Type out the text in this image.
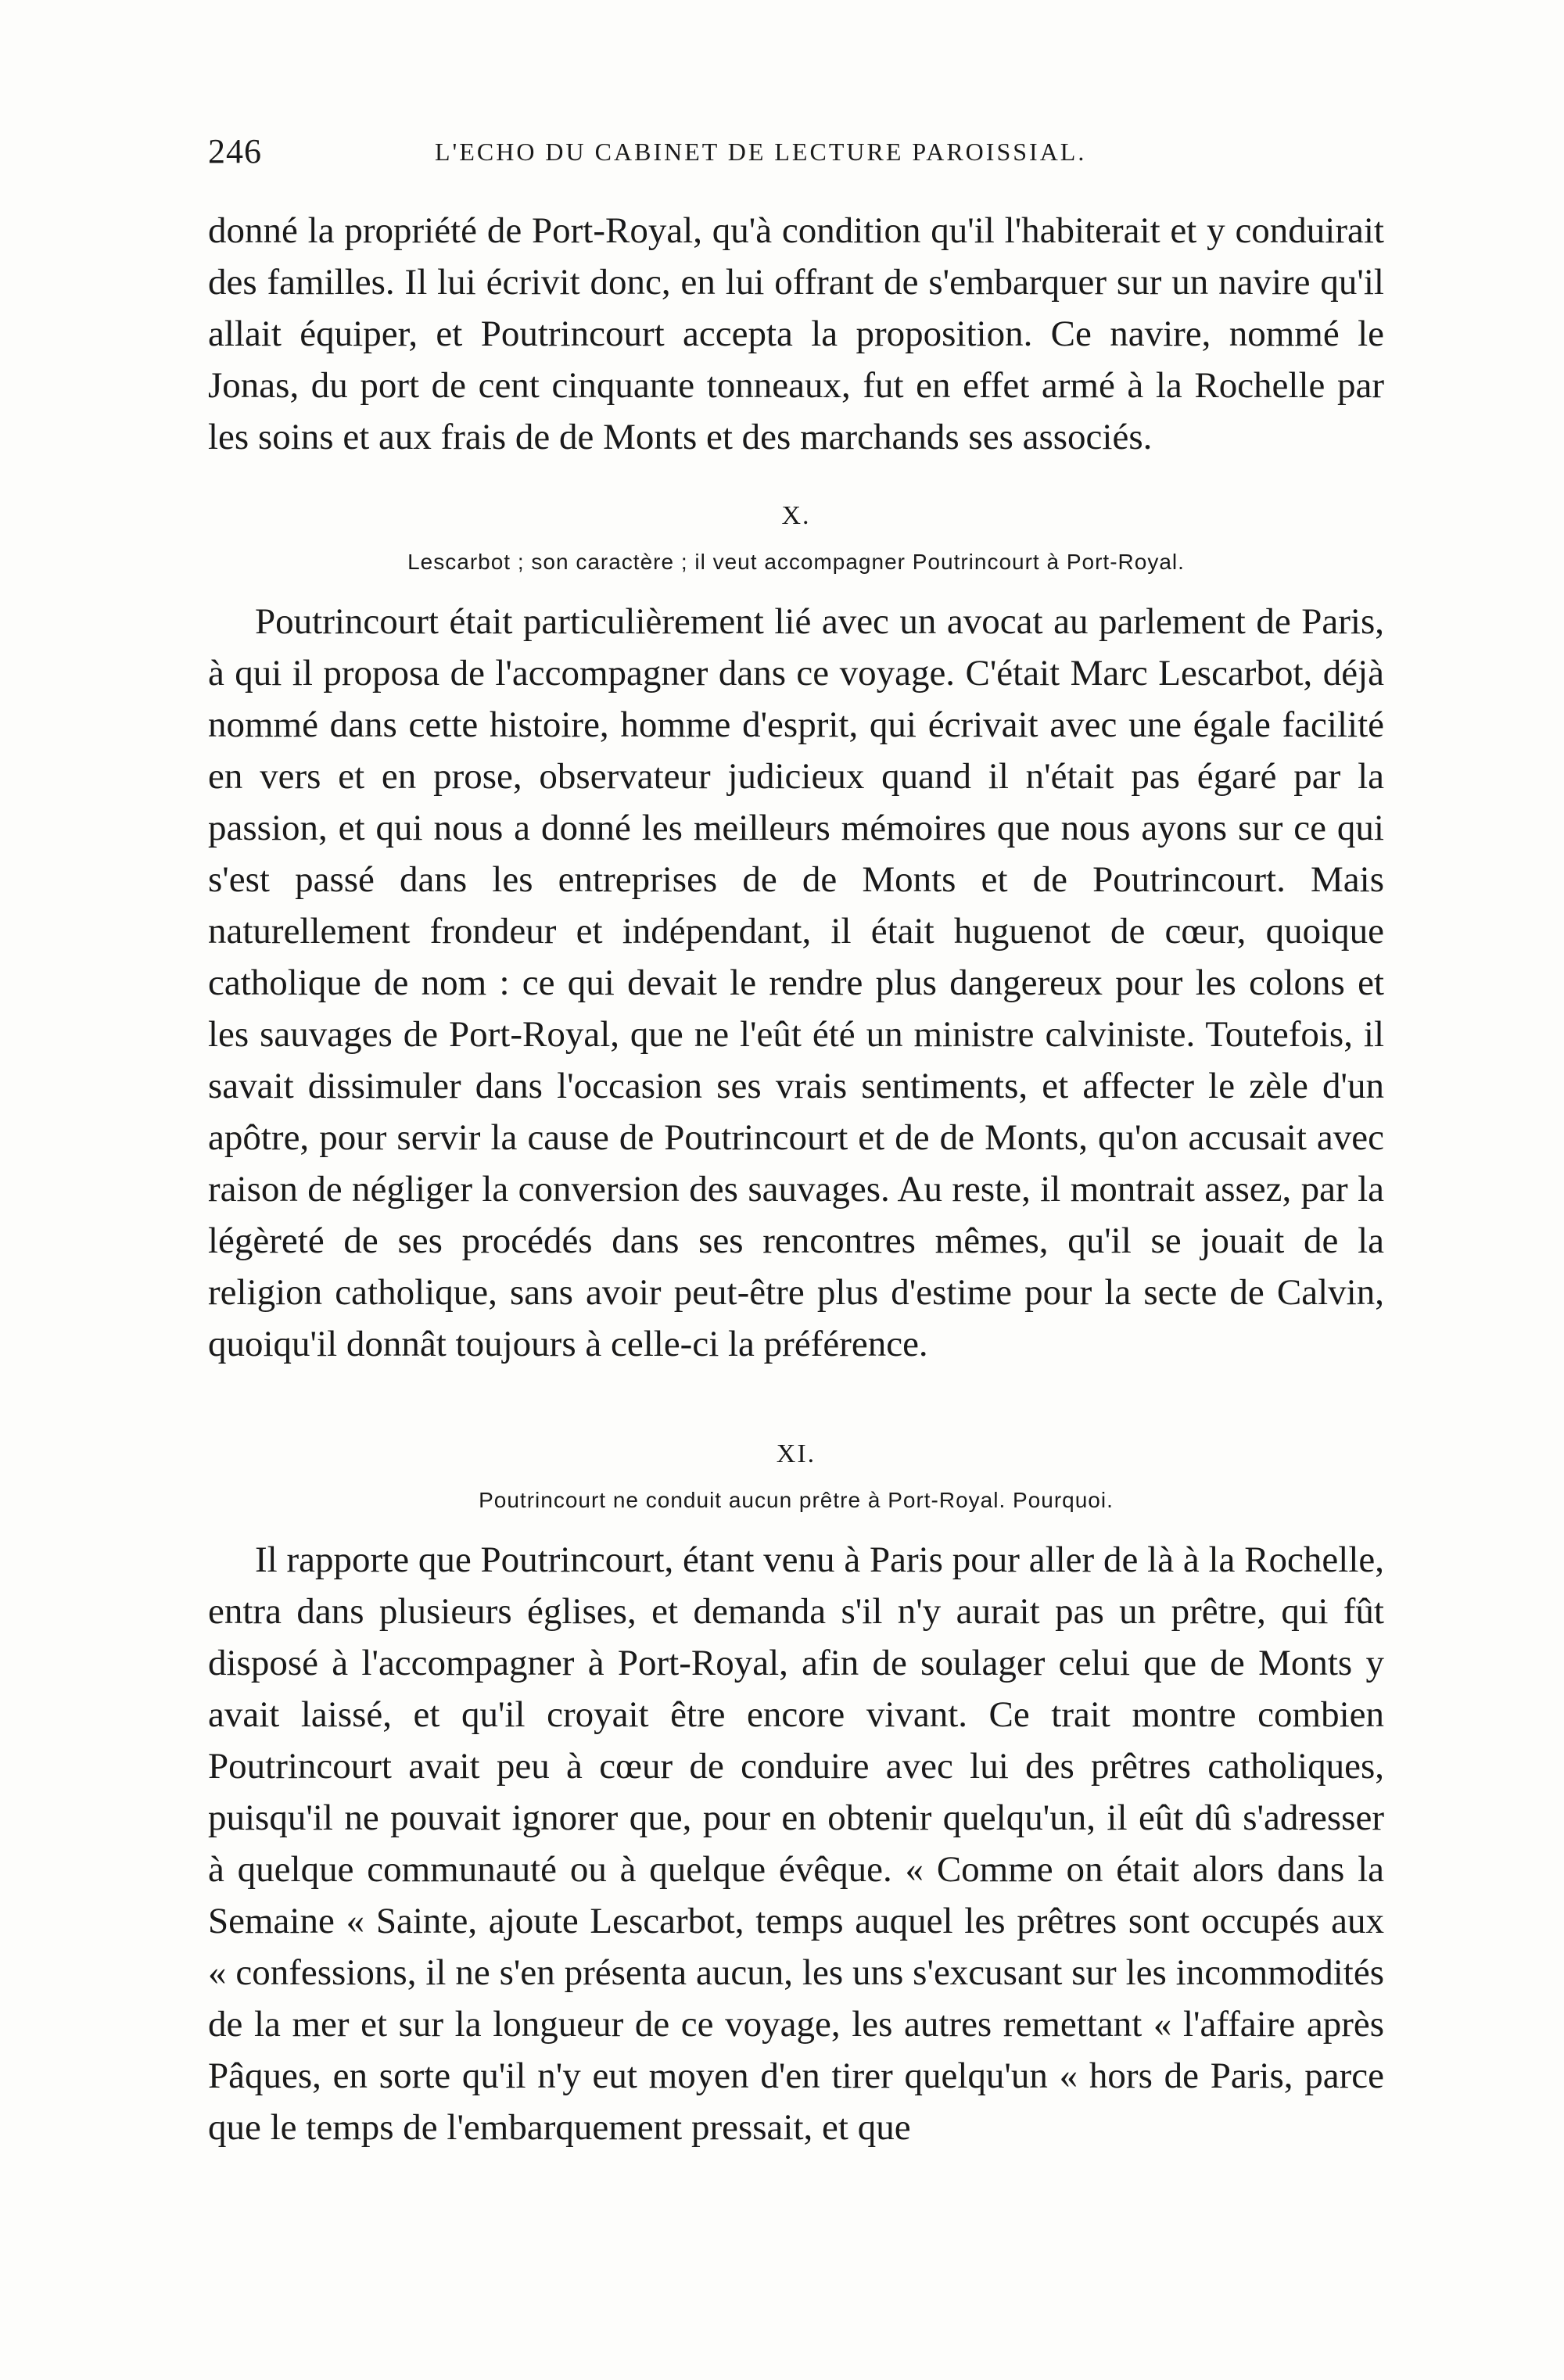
246	L'ECHO DU CABINET DE LECTURE PAROISSIAL.

donné la propriété de Port-Royal, qu'à condition qu'il l'habiterait et y conduirait des familles. Il lui écrivit donc, en lui offrant de s'embarquer sur un navire qu'il allait équiper, et Poutrincourt accepta la proposition. Ce navire, nommé le Jonas, du port de cent cinquante tonneaux, fut en effet armé à la Rochelle par les soins et aux frais de de Monts et des marchands ses associés.

X.
Lescarbot ; son caractère ; il veut accompagner Poutrincourt à Port-Royal.

Poutrincourt était particulièrement lié avec un avocat au parlement de Paris, à qui il proposa de l'accompagner dans ce voyage. C'était Marc Lescarbot, déjà nommé dans cette histoire, homme d'esprit, qui écrivait avec une égale facilité en vers et en prose, observateur judicieux quand il n'était pas égaré par la passion, et qui nous a donné les meilleurs mémoires que nous ayons sur ce qui s'est passé dans les entreprises de de Monts et de Poutrincourt. Mais naturellement frondeur et indépendant, il était huguenot de cœur, quoique catholique de nom : ce qui devait le rendre plus dangereux pour les colons et les sauvages de Port-Royal, que ne l'eût été un ministre calviniste. Toutefois, il savait dissimuler dans l'occasion ses vrais sentiments, et affecter le zèle d'un apôtre, pour servir la cause de Poutrincourt et de de Monts, qu'on accusait avec raison de négliger la conversion des sauvages. Au reste, il montrait assez, par la légèreté de ses procédés dans ses rencontres mêmes, qu'il se jouait de la religion catholique, sans avoir peut-être plus d'estime pour la secte de Calvin, quoiqu'il donnât toujours à celle-ci la préférence.

XI.
Poutrincourt ne conduit aucun prêtre à Port-Royal. Pourquoi.

Il rapporte que Poutrincourt, étant venu à Paris pour aller de là à la Rochelle, entra dans plusieurs églises, et demanda s'il n'y aurait pas un prêtre, qui fût disposé à l'accompagner à Port-Royal, afin de soulager celui que de Monts y avait laissé, et qu'il croyait être encore vivant. Ce trait montre combien Poutrincourt avait peu à cœur de conduire avec lui des prêtres catholiques, puisqu'il ne pouvait ignorer que, pour en obtenir quelqu'un, il eût dû s'adresser à quelque communauté ou à quelque évêque. « Comme on était alors dans la Semaine « Sainte, ajoute Lescarbot, temps auquel les prêtres sont occupés aux « confessions, il ne s'en présenta aucun, les uns s'excusant sur les incommodités de la mer et sur la longueur de ce voyage, les autres remettant « l'affaire après Pâques, en sorte qu'il n'y eut moyen d'en tirer quelqu'un « hors de Paris, parce que le temps de l'embarquement pressait, et que
